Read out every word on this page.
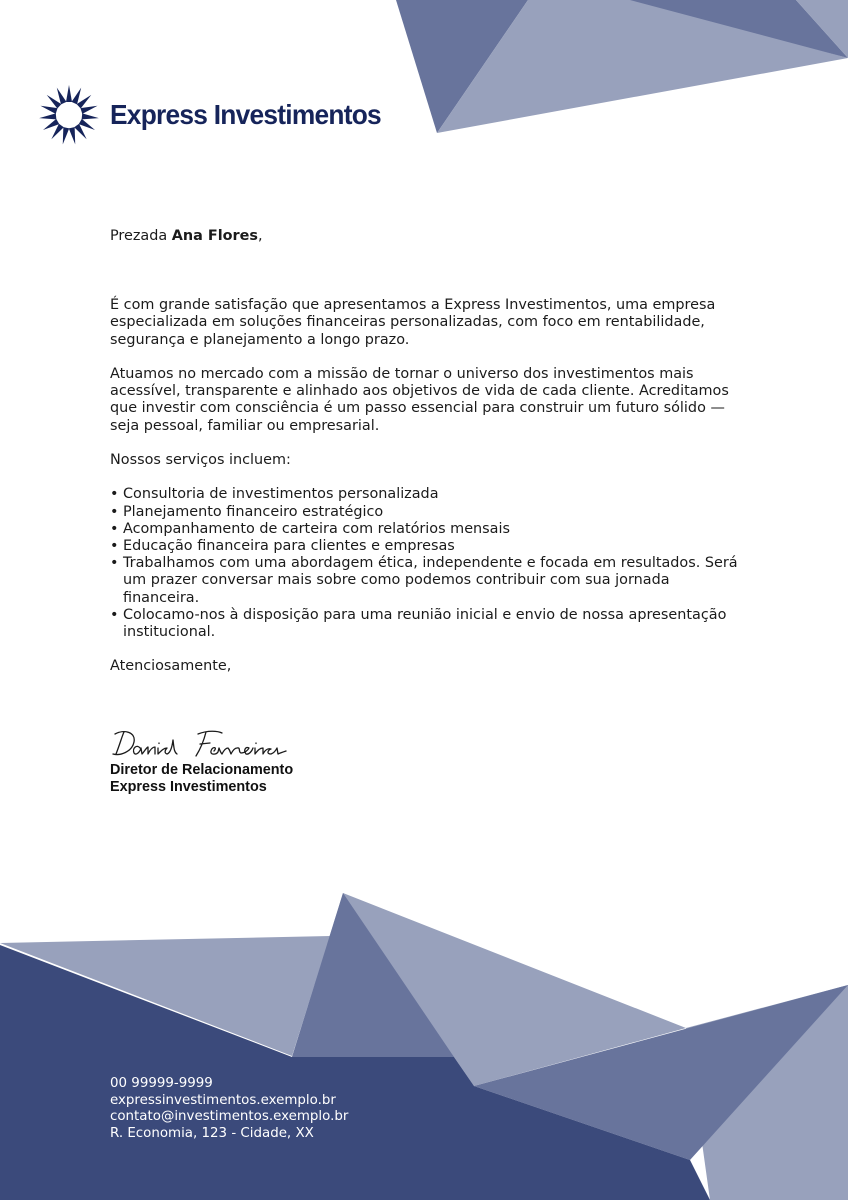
Express Investimentos

Prezada Ana Flores,

É com grande satisfação que apresentamos a Express Investimentos, uma empresa especializada em soluções financeiras personalizadas, com foco em rentabilidade, segurança e planejamento a longo prazo.

Atuamos no mercado com a missão de tornar o universo dos investimentos mais acessível, transparente e alinhado aos objetivos de vida de cada cliente. Acreditamos que investir com consciência é um passo essencial para construir um futuro sólido — seja pessoal, familiar ou empresarial.

Nossos serviços incluem:

• Consultoria de investimentos personalizada
• Planejamento financeiro estratégico
• Acompanhamento de carteira com relatórios mensais
• Educação financeira para clientes e empresas
• Trabalhamos com uma abordagem ética, independente e focada em resultados. Será um prazer conversar mais sobre como podemos contribuir com sua jornada financeira.
• Colocamo-nos à disposição para uma reunião inicial e envio de nossa apresentação institucional.

Atenciosamente,

Diretor de Relacionamento
Express Investimentos
00 99999-9999
expressinvestimentos.exemplo.br
contato@investimentos.exemplo.br
R. Economia, 123 - Cidade, XX
